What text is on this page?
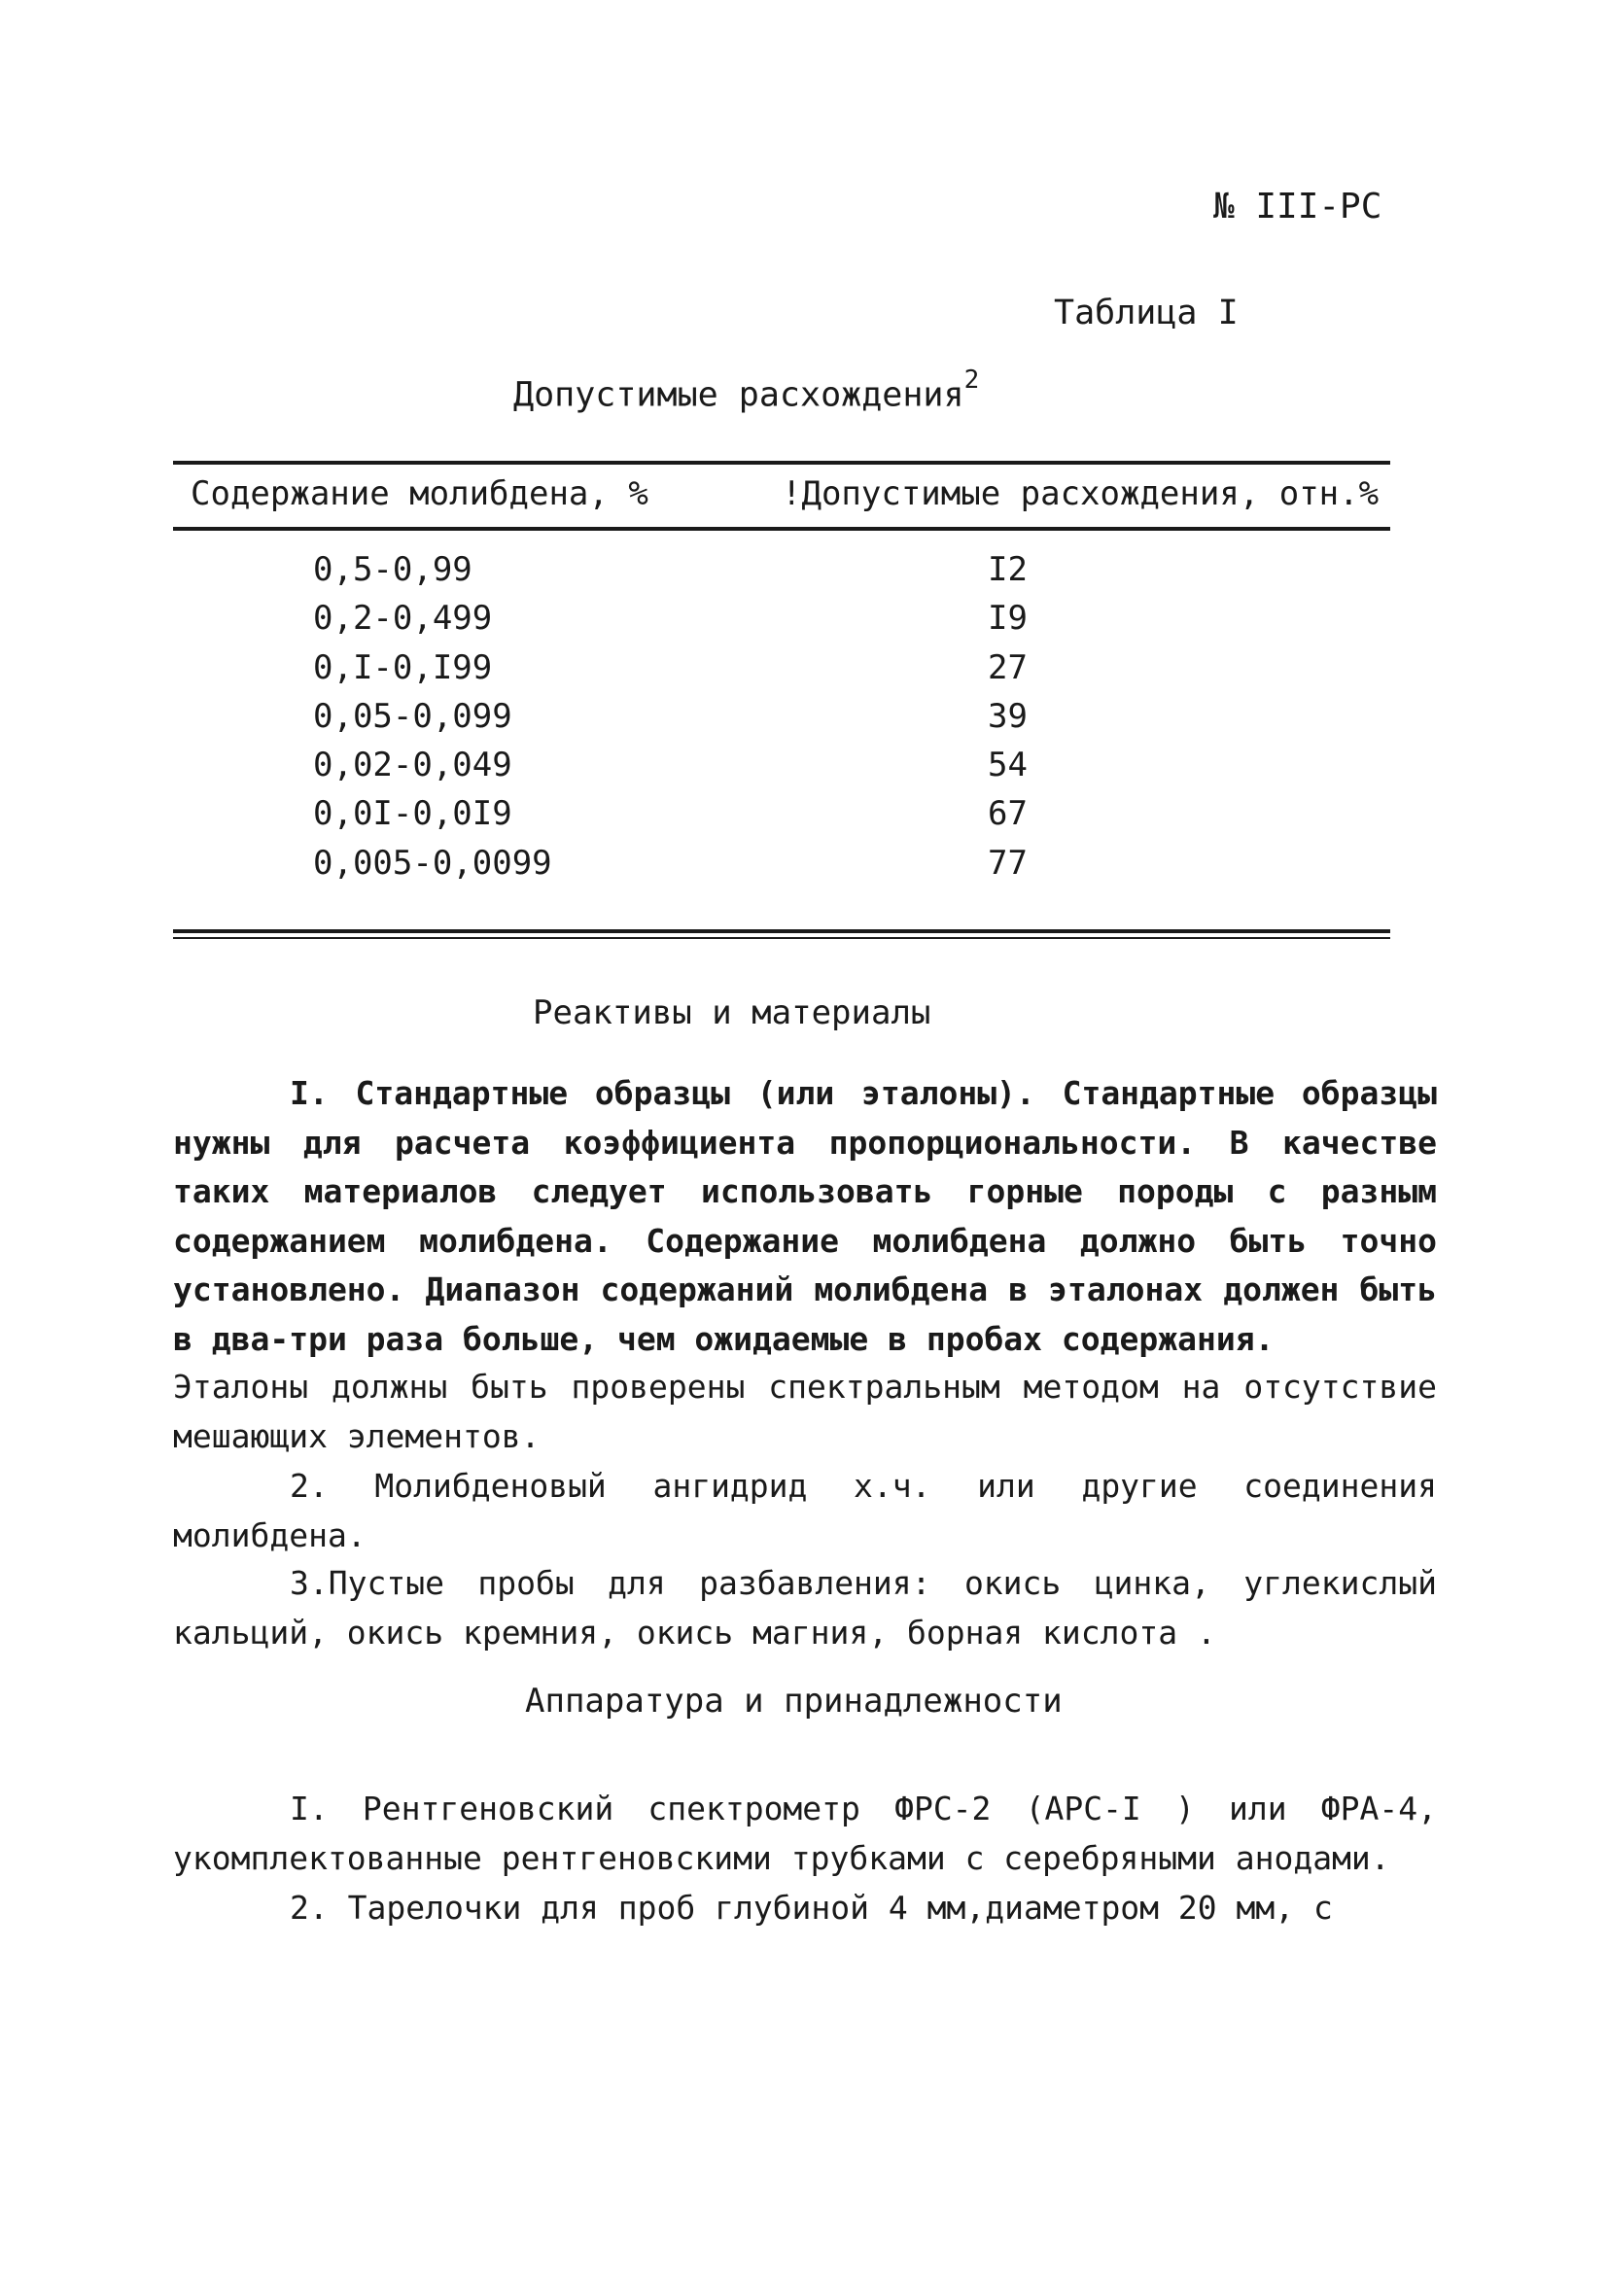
№ III-PC
Таблица I
Допустимые расхождения$^2$
Содержание молибдена, %	!Допустимые расхождения, отн.%
0,5-0,99	I2
0,2-0,499	I9
0,I-0,I99	27
0,05-0,099	39
0,02-0,049	54
0,0I-0,0I9	67
0,005-0,0099	77
Реактивы и материалы
I. Стандартные образцы (или эталоны). Стандартные образцы нужны для расчета коэффициента пропорциональности. В качестве таких материалов следует использовать горные породы с разным содержанием молибдена. Содержание молибдена должно быть точно установлено. Диапазон содержаний молибдена в эталонах должен быть в два-три раза больше, чем ожидаемые в пробах содержания.
Эталоны должны быть проверены спектральным методом на отсутствие мешающих элементов.
2. Молибденовый ангидрид х.ч. или другие соединения молибдена.
3.Пустые пробы для разбавления: окись цинка, углекислый кальций, окись кремния, окись магния, борная кислота .
Аппаратура и принадлежности
I. Рентгеновский спектрометр ФРС-2 (АРС-I ) или ФРА-4, укомплектованные рентгеновскими трубками с серебряными анодами.
2. Тарелочки для проб глубиной 4 мм,диаметром 20 мм, с
